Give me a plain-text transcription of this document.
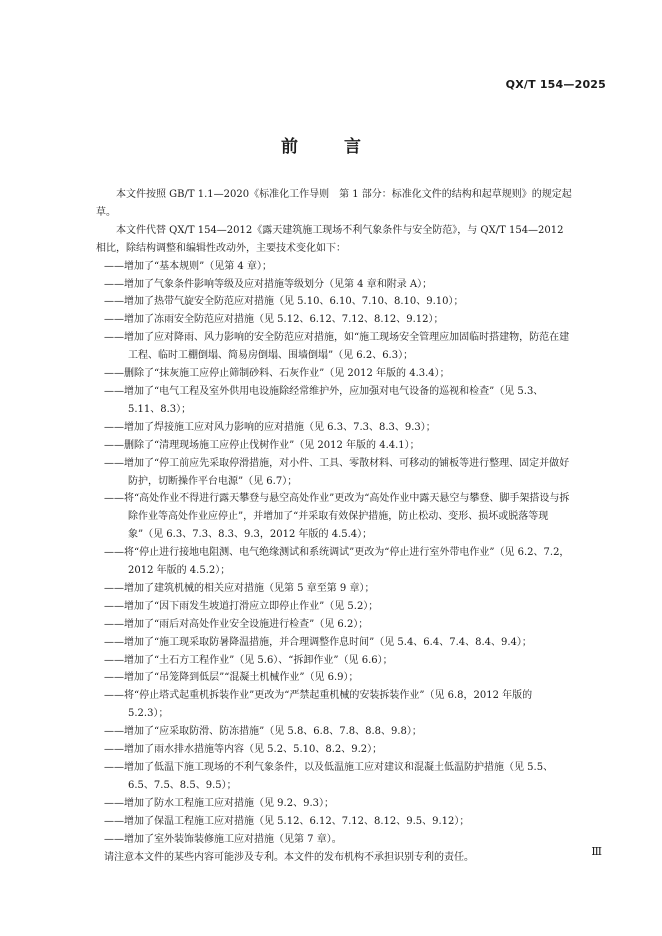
QX/T 154—2025
前 言

本文件按照 GB/T 1.1—2020《标准化工作导则　第 1 部分：标准化文件的结构和起草规则》的规定起草。

本文件代替 QX/T 154—2012《露天建筑施工现场不利气象条件与安全防范》，与 QX/T 154—2012 相比，除结构调整和编辑性改动外，主要技术变化如下：

——增加了“基本规则”（见第 4 章）；

——增加了气象条件影响等级及应对措施等级划分（见第 4 章和附录 A）；

——增加了热带气旋安全防范应对措施（见 5.10、6.10、7.10、8.10、9.10）；

——增加了冻雨安全防范应对措施（见 5.12、6.12、7.12、8.12、9.12）；

——增加了应对降雨、风力影响的安全防范应对措施，如“施工现场安全管理应加固临时搭建物，防范在建工程、临时工棚倒塌、简易房倒塌、围墙倒塌”（见 6.2、6.3）；

——删除了“抹灰施工应停止筛制砂料、石灰作业”（见 2012 年版的 4.3.4）；

——增加了“电气工程及室外供用电设施除经常维护外，应加强对电气设备的巡视和检查”（见 5.3、5.11、8.3）；

——增加了焊接施工应对风力影响的应对措施（见 6.3、7.3、8.3、9.3）；

——删除了“清理现场施工应停止伐树作业”（见 2012 年版的 4.4.1）；

——增加了“停工前应先采取停滑措施，对小件、工具、零散材料、可移动的铺板等进行整理、固定并做好防护，切断操作平台电源”（见 6.7）；

——将“高处作业不得进行露天攀登与悬空高处作业”更改为“高处作业中露天悬空与攀登、脚手架搭设与拆除作业等高处作业应停止”，并增加了“并采取有效保护措施，防止松动、变形、损坏或脱落等现象”（见 6.3、7.3、8.3、9.3，2012 年版的 4.5.4）；

——将“停止进行接地电阻测、电气绝缘测试和系统调试”更改为“停止进行室外带电作业”（见 6.2、7.2，2012 年版的 4.5.2）；

——增加了建筑机械的相关应对措施（见第 5 章至第 9 章）；

——增加了“因下雨发生坡道打滑应立即停止作业”（见 5.2）；

——增加了“雨后对高处作业安全设施进行检查”（见 6.2）；

——增加了“施工现采取防暑降温措施，并合理调整作息时间”（见 5.4、6.4、7.4、8.4、9.4）；

——增加了“土石方工程作业”（见 5.6）、“拆卸作业”（见 6.6）；

——增加了“吊笼降到低层”“混凝土机械作业”（见 6.9）；

——将“停止塔式起重机拆装作业”更改为“严禁起重机械的安装拆装作业”（见 6.8，2012 年版的 5.2.3）；

——增加了“应采取防滑、防冻措施”（见 5.8、6.8、7.8、8.8、9.8）；

——增加了雨水排水措施等内容（见 5.2、5.10、8.2、9.2）；

——增加了低温下施工现场的不利气象条件，以及低温施工应对建议和混凝土低温防护措施（见 5.5、6.5、7.5、8.5、9.5）；

——增加了防水工程施工应对措施（见 9.2、9.3）；

——增加了保温工程施工应对措施（见 5.12、6.12、7.12、8.12、9.5、9.12）；

——增加了室外装饰装修施工应对措施（见第 7 章）。

请注意本文件的某些内容可能涉及专利。本文件的发布机构不承担识别专利的责任。	Ⅲ
